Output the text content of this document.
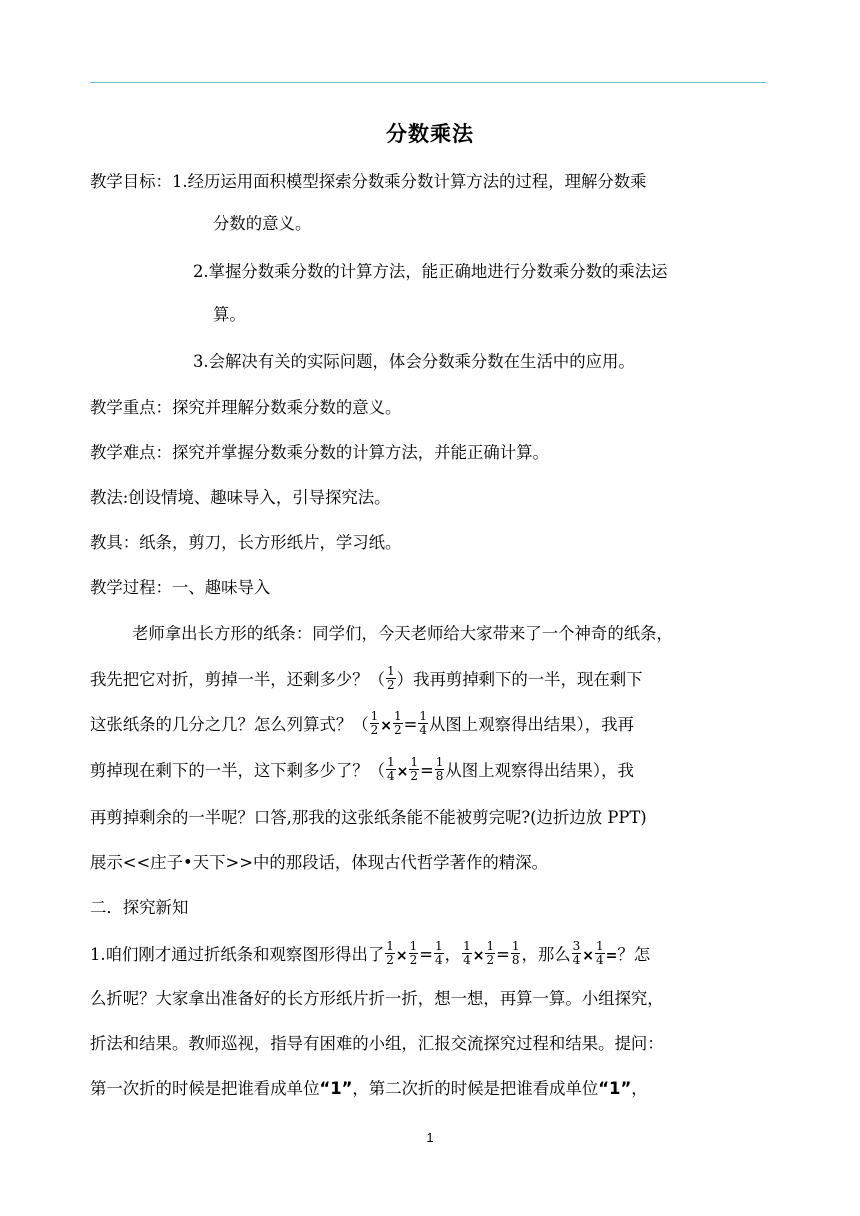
分数乘法
教学目标：1.经历运用面积模型探索分数乘分数计算方法的过程，理解分数乘
分数的意义。
2.掌握分数乘分数的计算方法，能正确地进行分数乘分数的乘法运
算。
3.会解决有关的实际问题，体会分数乘分数在生活中的应用。
教学重点：探究并理解分数乘分数的意义。
教学难点：探究并掌握分数乘分数的计算方法，并能正确计算。
教法:创设情境、趣味导入，引导探究法。
教具：纸条，剪刀，长方形纸片，学习纸。
教学过程：一、趣味导入
老师拿出长方形的纸条：同学们，今天老师给大家带来了一个神奇的纸条，
我先把它对折，剪掉一半，还剩多少？（ $\frac{1}{2}$ ）我再剪掉剩下的一半，现在剩下
这张纸条的几分之几？怎么列算式？（ $\frac{1}{2} \times \frac{1}{2} = \frac{1}{4}$ 从图上观察得出结果），我再
剪掉现在剩下的一半，这下剩多少了？（ $\frac{1}{4} \times \frac{1}{2} = \frac{1}{8}$ 从图上观察得出结果），我
再剪掉剩余的一半呢？口答,那我的这张纸条能不能被剪完呢?(边折边放 PPT)
展示<<庄子•天下>>中的那段话，体现古代哲学著作的精深。
二．探究新知
1.咱们刚才通过折纸条和观察图形得出了 $\frac{1}{2} \times \frac{1}{2} = \frac{1}{4}$ ， $\frac{1}{4} \times \frac{1}{2} = \frac{1}{8}$ ，那么 $\frac{3}{4} \times \frac{1}{4}$ =？怎
么折呢？大家拿出准备好的长方形纸片折一折，想一想，再算一算。小组探究，
折法和结果。教师巡视，指导有困难的小组，汇报交流探究过程和结果。提问：
第一次折的时候是把谁看成单位“1”，第二次折的时候是把谁看成单位“1”，
1
